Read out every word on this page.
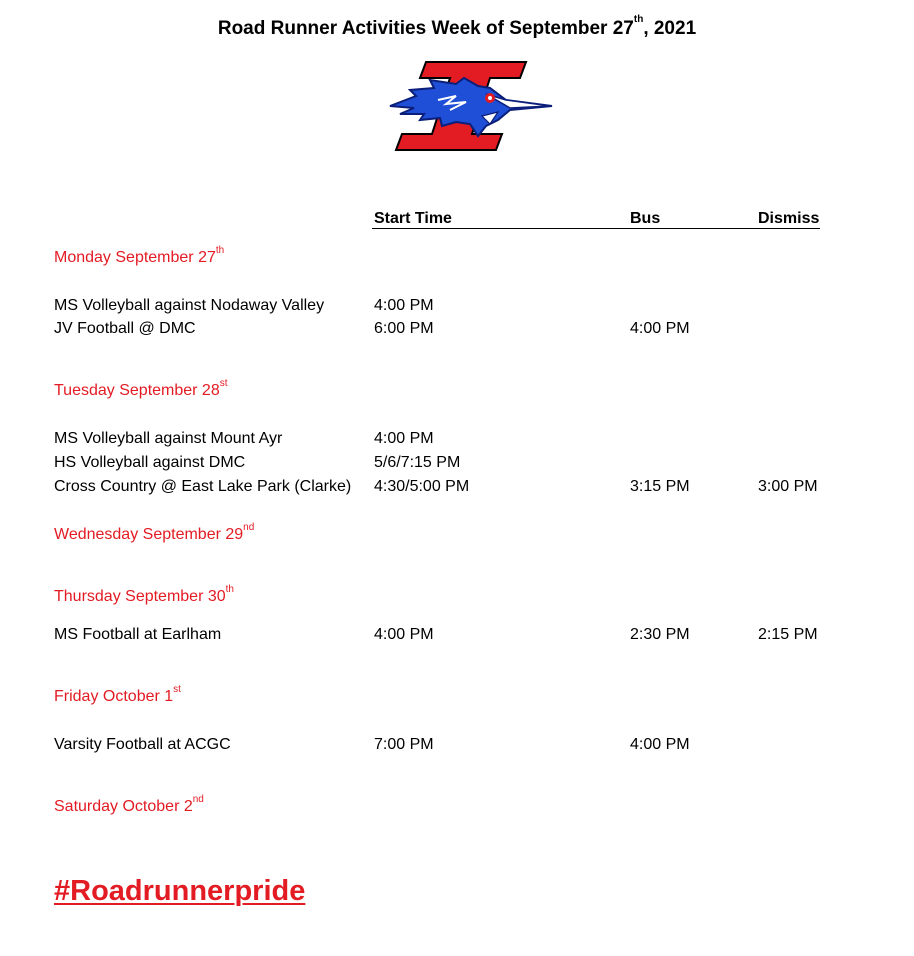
Road Runner Activities Week of September 27th, 2021
Start Time	Bus	Dismiss
Monday September 27th
MS Volleyball against Nodaway Valley	4:00 PM
JV Football @ DMC	6:00 PM	4:00 PM
Tuesday September 28st
MS Volleyball against Mount Ayr	4:00 PM
HS Volleyball against DMC	5/6/7:15 PM
Cross Country @ East Lake Park (Clarke) 4:30/5:00 PM	3:15 PM	3:00 PM
Wednesday September 29nd
Thursday September 30th
MS Football at Earlham	4:00 PM	2:30 PM	2:15 PM
Friday October 1st
Varsity Football at ACGC	7:00 PM	4:00 PM
Saturday October 2nd
#Roadrunnerpride
